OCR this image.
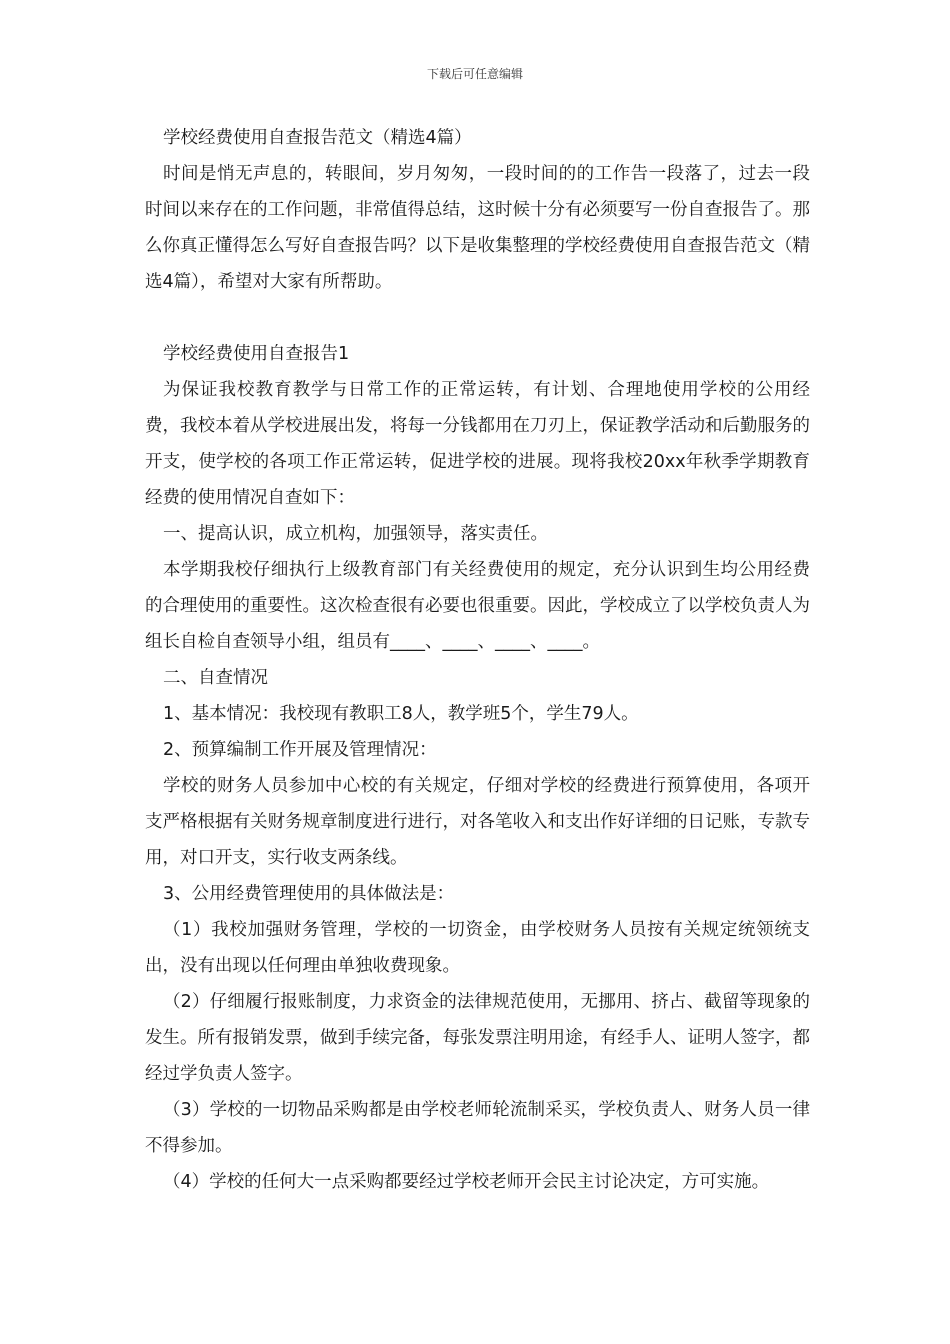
下载后可任意编辑

学校经费使用自查报告范文（精选4篇）

时间是悄无声息的，转眼间，岁月匆匆，一段时间的的工作告一段落了，过去一段时间以来存在的工作问题，非常值得总结，这时候十分有必须要写一份自查报告了。那么你真正懂得怎么写好自查报告吗？以下是收集整理的学校经费使用自查报告范文（精选4篇），希望对大家有所帮助。

学校经费使用自查报告1

为保证我校教育教学与日常工作的正常运转，有计划、合理地使用学校的公用经费，我校本着从学校进展出发，将每一分钱都用在刀刃上，保证教学活动和后勤服务的开支，使学校的各项工作正常运转，促进学校的进展。现将我校20xx年秋季学期教育经费的使用情况自查如下：

一、提高认识，成立机构，加强领导，落实责任。

本学期我校仔细执行上级教育部门有关经费使用的规定，充分认识到生均公用经费的合理使用的重要性。这次检查很有必要也很重要。因此，学校成立了以学校负责人为组长自检自查领导小组，组员有____、____、____、____。

二、自查情况

1、基本情况：我校现有教职工8人，教学班5个，学生79人。

2、预算编制工作开展及管理情况：

学校的财务人员参加中心校的有关规定，仔细对学校的经费进行预算使用，各项开支严格根据有关财务规章制度进行进行，对各笔收入和支出作好详细的日记账，专款专用，对口开支，实行收支两条线。

3、公用经费管理使用的具体做法是：

（1）我校加强财务管理，学校的一切资金，由学校财务人员按有关规定统领统支出，没有出现以任何理由单独收费现象。

（2）仔细履行报账制度，力求资金的法律规范使用，无挪用、挤占、截留等现象的发生。所有报销发票，做到手续完备，每张发票注明用途，有经手人、证明人签字，都经过学负责人签字。

（3）学校的一切物品采购都是由学校老师轮流制采买，学校负责人、财务人员一律不得参加。

（4）学校的任何大一点采购都要经过学校老师开会民主讨论决定，方可实施。
